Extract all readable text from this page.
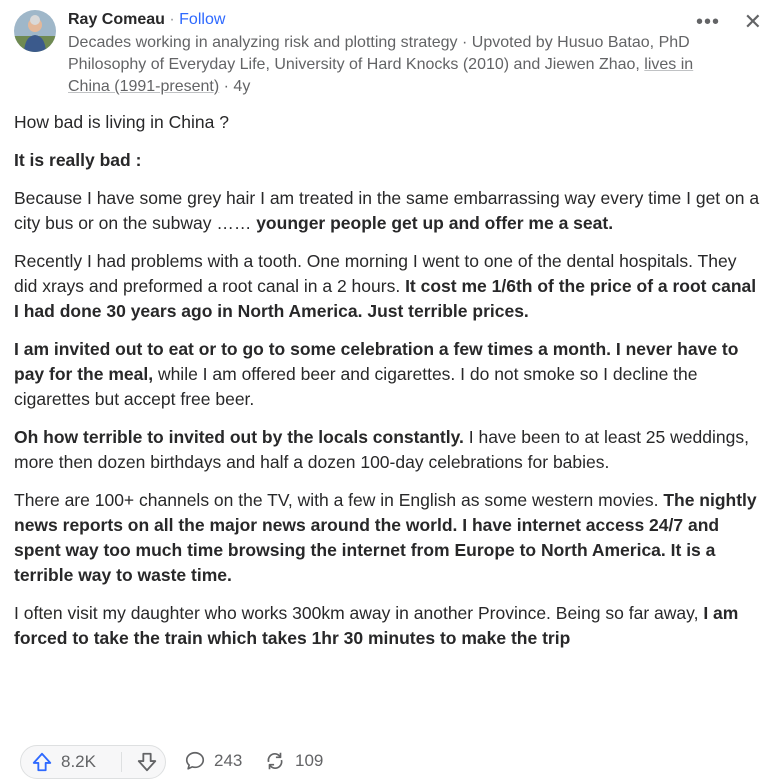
Ray Comeau · Follow
Decades working in analyzing risk and plotting strategy · Upvoted by Husuo Batao, PhD Philosophy of Everyday Life, University of Hard Knocks (2010) and Jiewen Zhao, lives in China (1991-present) · 4y
••• ✕

How bad is living in China ?

It is really bad :

Because I have some grey hair I am treated in the same embarrassing way every time I get on a city bus or on the subway …… younger people get up and offer me a seat.

Recently I had problems with a tooth. One morning I went to one of the dental hospitals. They did xrays and preformed a root canal in a 2 hours. It cost me 1/6th of the price of a root canal I had done 30 years ago in North America. Just terrible prices.

I am invited out to eat or to go to some celebration a few times a month. I never have to pay for the meal, while I am offered beer and cigarettes. I do not smoke so I decline the cigarettes but accept free beer.

Oh how terrible to invited out by the locals constantly. I have been to at least 25 weddings, more then dozen birthdays and half a dozen 100-day celebrations for babies.

There are 100+ channels on the TV, with a few in English as some western movies. The nightly news reports on all the major news around the world. I have internet access 24/7 and spent way too much time browsing the internet from Europe to North America. It is a terrible way to waste time.

I often visit my daughter who works 300km away in another Province. Being so far away, I am forced to take the train which takes 1hr 30 minutes to make the trip

8.2K	243	109
